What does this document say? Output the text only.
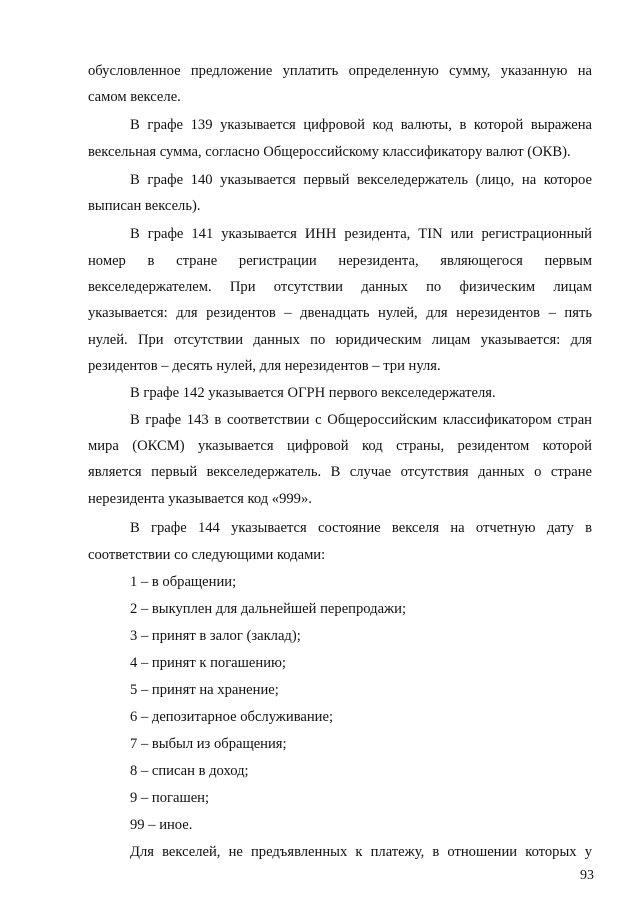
обусловленное предложение уплатить определенную сумму, указанную на
самом векселе.
В графе 139 указывается цифровой код валюты, в которой выражена
вексельная сумма, согласно Общероссийскому классификатору валют (ОКВ).
В графе 140 указывается первый векселедержатель (лицо, на которое
выписан вексель).
В графе 141 указывается ИНН резидента, TIN или регистрационный
номер в стране регистрации нерезидента, являющегося первым
векселедержателем. При отсутствии данных по физическим лицам
указывается: для резидентов – двенадцать нулей, для нерезидентов – пять
нулей. При отсутствии данных по юридическим лицам указывается: для
резидентов – десять нулей, для нерезидентов – три нуля.
В графе 142 указывается ОГРН первого векселедержателя.
В графе 143 в соответствии с Общероссийским классификатором стран
мира (ОКСМ) указывается цифровой код страны, резидентом которой
является первый векселедержатель. В случае отсутствия данных о стране
нерезидента указывается код «999».
В графе 144 указывается состояние векселя на отчетную дату в
соответствии со следующими кодами:
1 – в обращении;
2 – выкуплен для дальнейшей перепродажи;
3 – принят в залог (заклад);
4 – принят к погашению;
5 – принят на хранение;
6 – депозитарное обслуживание;
7 – выбыл из обращения;
8 – списан в доход;
9 – погашен;
99 – иное.
Для векселей, не предъявленных к платежу, в отношении которых у
93
